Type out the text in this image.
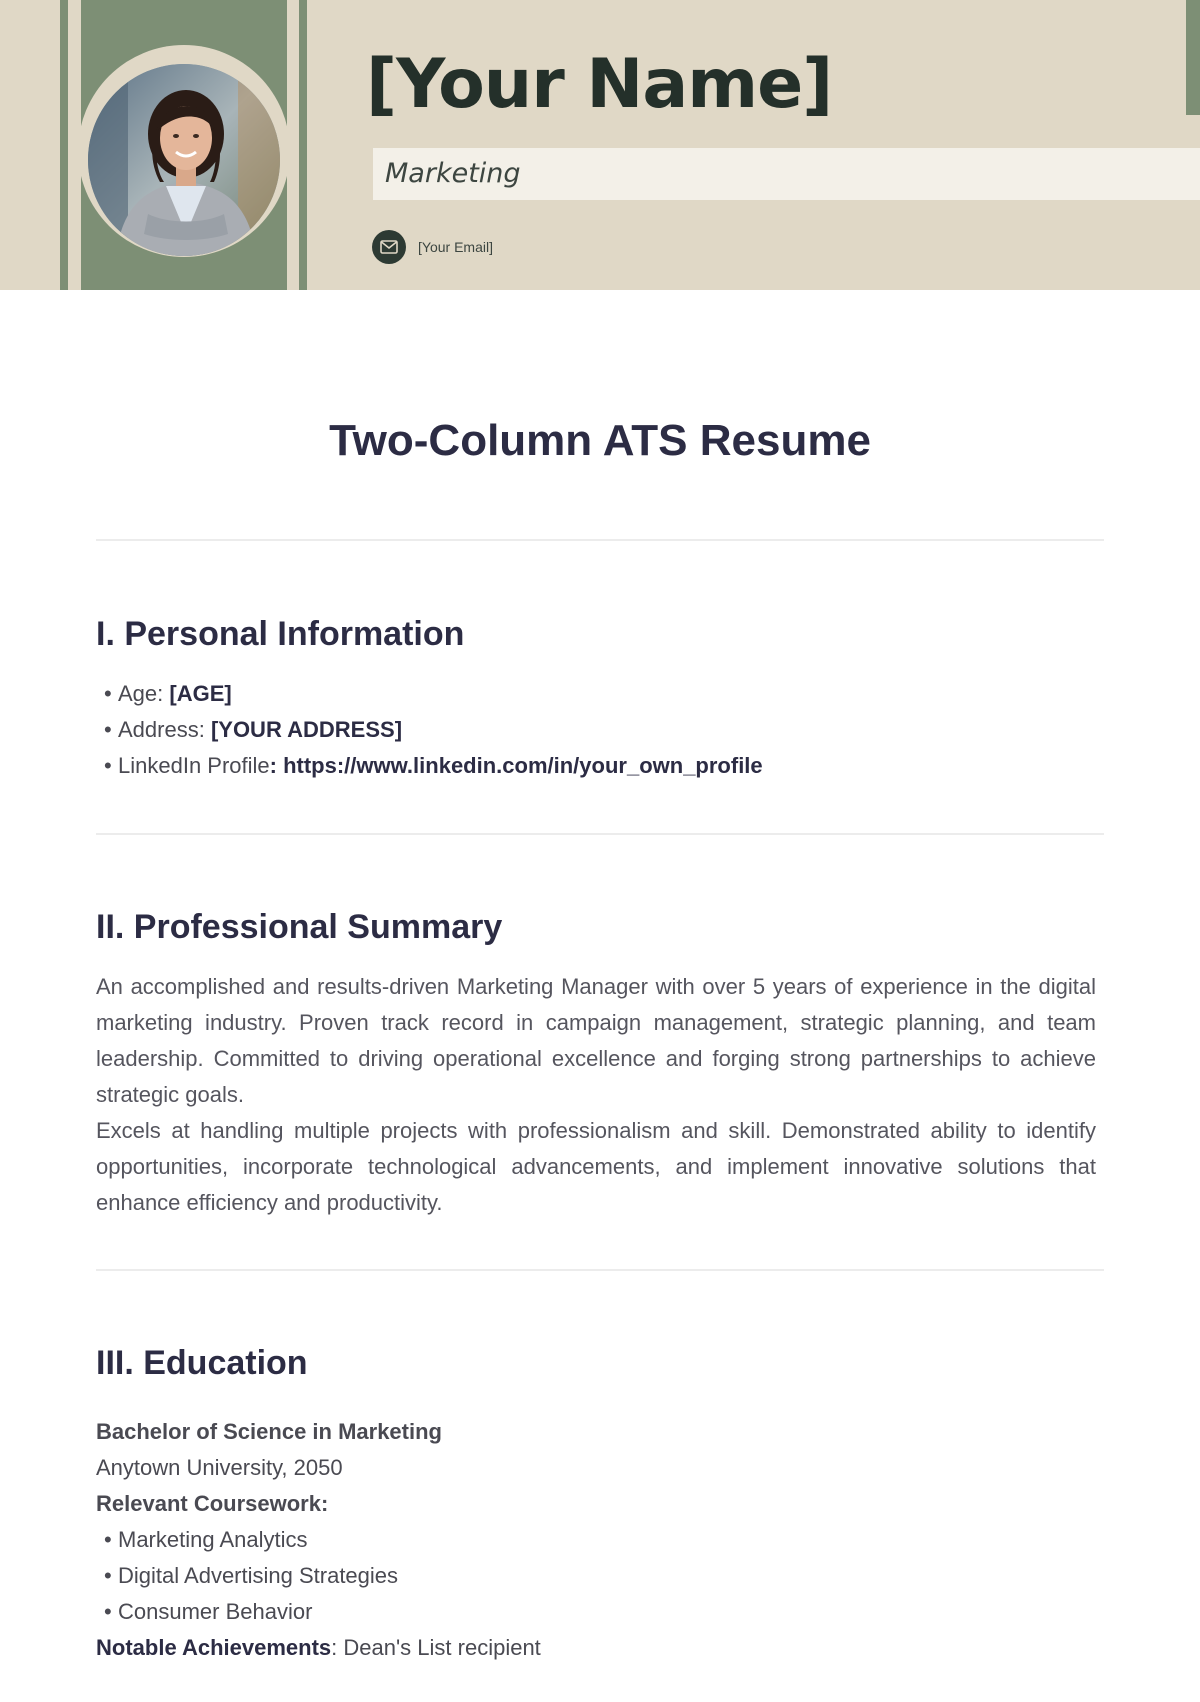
[Your Name]
Marketing
[Your Email]
Two-Column ATS Resume
I. Personal Information
• Age: [AGE]
• Address: [YOUR ADDRESS]
• LinkedIn Profile: https://www.linkedin.com/in/your_own_profile
II. Professional Summary

An accomplished and results-driven Marketing Manager with over 5 years of experience in the digital marketing industry. Proven track record in campaign management, strategic planning, and team leadership. Committed to driving operational excellence and forging strong partnerships to achieve strategic goals.

Excels at handling multiple projects with professionalism and skill. Demonstrated ability to identify opportunities, incorporate technological advancements, and implement innovative solutions that enhance efficiency and productivity.

III. Education
Bachelor of Science in Marketing
Anytown University, 2050
Relevant Coursework:
• Marketing Analytics
• Digital Advertising Strategies
• Consumer Behavior
Notable Achievements: Dean's List recipient
